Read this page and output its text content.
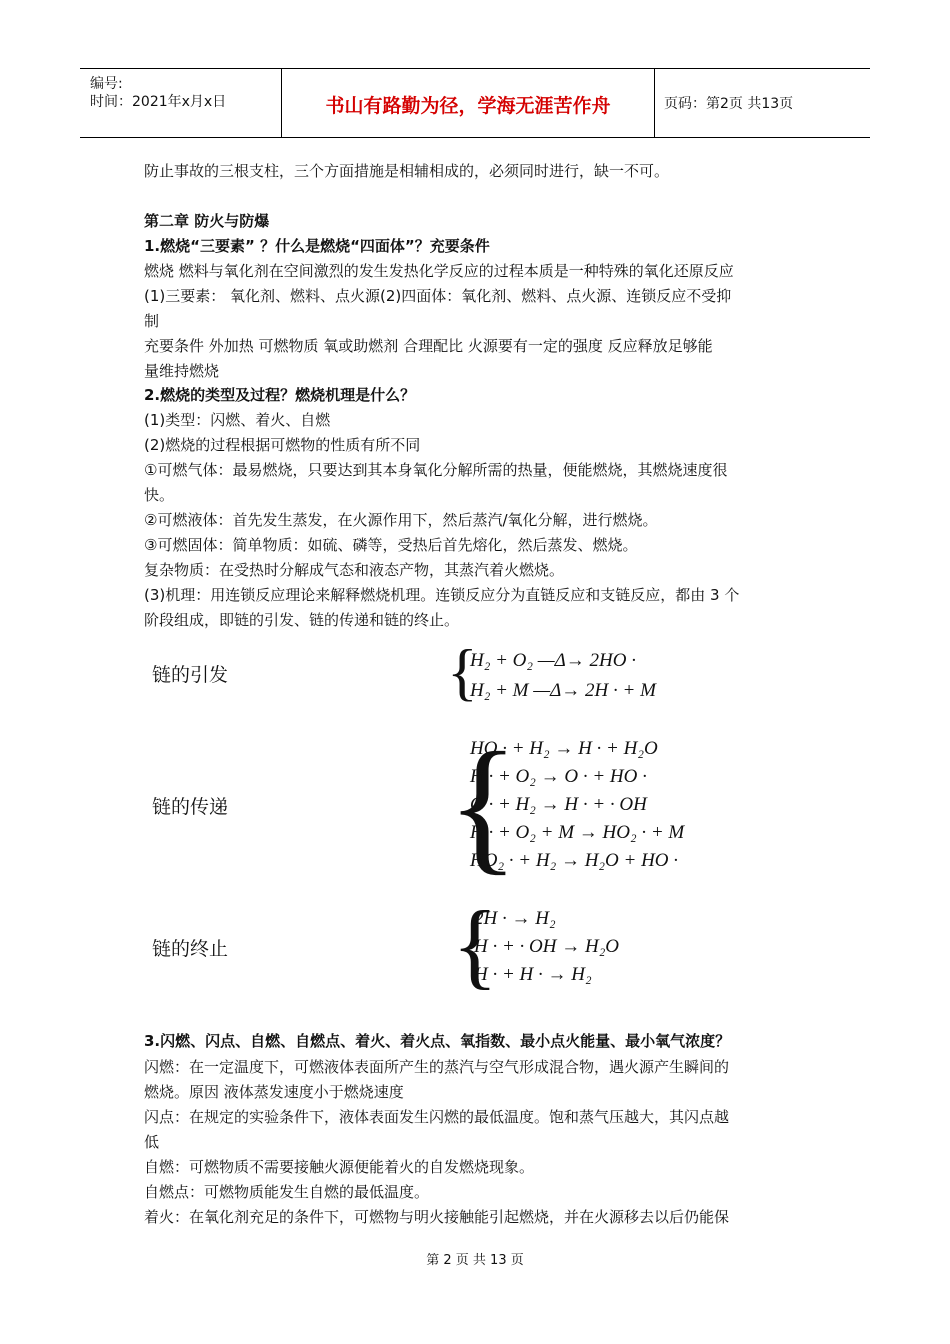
编号:
时间：2021年x月x日	书山有路勤为径，学海无涯苦作舟	页码：第2页 共13页
防止事故的三根支柱，三个方面措施是相辅相成的，必须同时进行，缺一不可。
第二章 防火与防爆
1.燃烧“三要素” ？什么是燃烧“四面体”？充要条件
燃烧 燃料与氧化剂在空间激烈的发生发热化学反应的过程本质是一种特殊的氧化还原反应
(1)三要素： 氧化剂、燃料、点火源(2)四面体：氧化剂、燃料、点火源、连锁反应不受抑
制
充要条件 外加热 可燃物质 氧或助燃剂 合理配比 火源要有一定的强度 反应释放足够能
量维持燃烧
2.燃烧的类型及过程？燃烧机理是什么？
(1)类型：闪燃、着火、自燃
(2)燃烧的过程根据可燃物的性质有所不同
①可燃气体：最易燃烧，只要达到其本身氧化分解所需的热量，便能燃烧，其燃烧速度很
快。
②可燃液体：首先发生蒸发，在火源作用下，然后蒸汽/氧化分解，进行燃烧。
③可燃固体：简单物质：如硫、磷等，受热后首先熔化，然后蒸发、燃烧。
复杂物质：在受热时分解成气态和液态产物，其蒸汽着火燃烧。
(3)机理：用连锁反应理论来解释燃烧机理。连锁反应分为直链反应和支链反应，都由 3 个
阶段组成，即链的引发、链的传递和链的终止。
链的引发	{
H₂ + O₂ —Δ→ 2HO ·
H₂ + M —Δ→ 2H · + M
链的传递 {
HO · + H₂ → H · + H₂O
H · + O₂ → O · + HO ·
O · + H₂ → H · + · OH
H · + O₂ + M → HO₂ · + M
HO₂ · + H₂ → H₂O + HO ·
链的终止 {
2H · → H₂
H · + · OH → H₂O
H · + H · → H₂
3.闪燃、闪点、自燃、自燃点、着火、着火点、氧指数、最小点火能量、最小氧气浓度？
闪燃：在一定温度下，可燃液体表面所产生的蒸汽与空气形成混合物，遇火源产生瞬间的
燃烧。原因 液体蒸发速度小于燃烧速度
闪点：在规定的实验条件下，液体表面发生闪燃的最低温度。饱和蒸气压越大，其闪点越
低
自燃：可燃物质不需要接触火源便能着火的自发燃烧现象。
自燃点：可燃物质能发生自燃的最低温度。
着火：在氧化剂充足的条件下，可燃物与明火接触能引起燃烧，并在火源移去以后仍能保
第 2 页 共 13 页
